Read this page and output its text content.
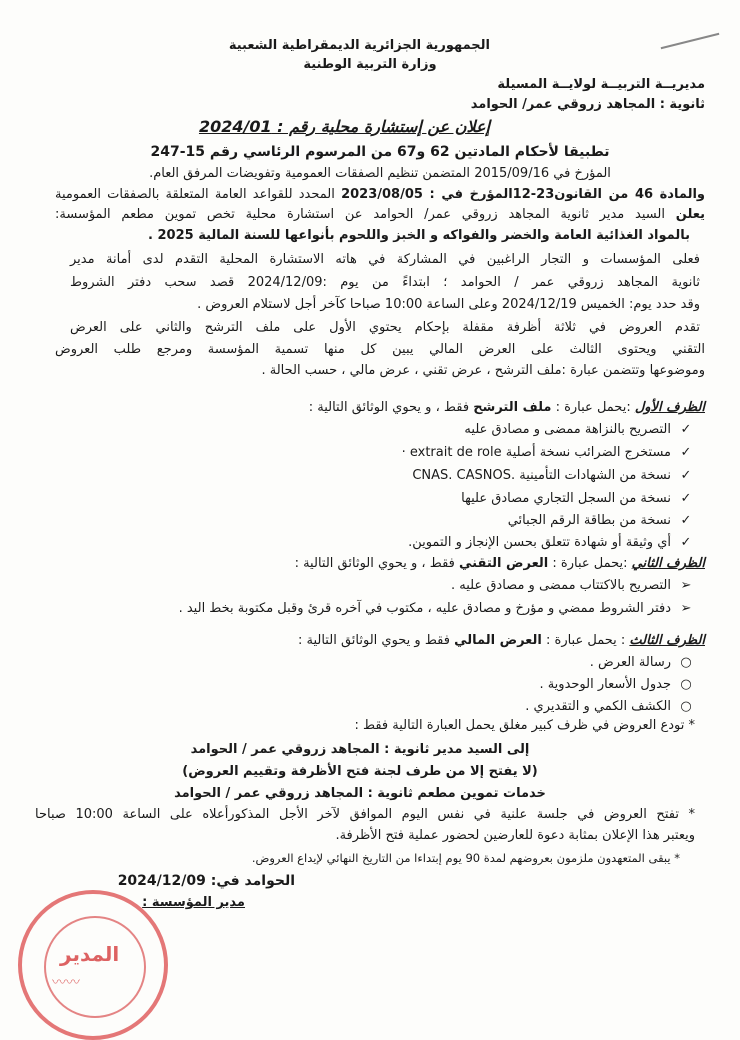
الجمهورية الجزائرية الديمقراطية الشعبية
وزارة التربية الوطنية
مديريــة التربيــة لولايــة المسيلة
ثانوية : المجاهد زروقي عمر/ الحوامد
إعلان عن إستشارة محلية رقم : 2024/01
تطبيقا لأحكام المادتين 62 و67 من المرسوم الرئاسي رقم 15-247
المؤرخ في 2015/09/16 المتضمن تنظيم الصفقات العمومية وتفويضات المرفق العام.
والمادة 46 من القانون23-12المؤرخ في : 2023/08/05 المحدد للقواعد العامة المتعلقة بالصفقات العمومية
يعلن السيد مدير ثانوية المجاهد زروقي عمر/ الحوامد عن استشارة محلية تخص تموين مطعم المؤسسة:
بالمواد الغذائية العامة والخضر والفواكه و الخبز واللحوم بأنواعها للسنة المالية 2025 .
فعلى المؤسسات و التجار الراغبين في المشاركة في هاته الاستشارة المحلية التقدم لدى أمانة مدير
ثانوية المجاهد زروقي عمر / الحوامد ؛ ابتداءً من يوم :2024/12/09 قصد سحب دفتر الشروط
وقد حدد يوم: الخميس 2024/12/19 وعلى الساعة 10:00 صباحا كآخر أجل لاستلام العروض .
تقدم العروض في ثلاثة أظرفة مقفلة بإحكام يحتوي الأول على ملف الترشح والثاني على العرض
التقني ويحتوى الثالث على العرض المالي يبين كل منها تسمية المؤسسة ومرجع طلب العروض
وموضوعها وتتضمن عبارة :ملف الترشح ، عرض تقني ، عرض مالي ، حسب الحالة .
الظرف الأول :يحمل عبارة : ملف الترشح فقط ، و يحوي الوثائق التالية :
✓التصريح بالنزاهة ممضى و مصادق عليه
✓مستخرج الضرائب نسخة أصلية extrait de role ·
✓نسخة من الشهادات التأمينية .CNAS. CASNOS
✓نسخة من السجل التجاري مصادق عليها
✓نسخة من بطاقة الرقم الجبائي
✓أي وثيقة أو شهادة تتعلق بحسن الإنجاز و التموين.
الظرف الثاني :يحمل عبارة : العرض التقني فقط ، و يحوي الوثائق التالية :
➢التصريح بالاكتتاب ممضى و مصادق عليه .
➢دفتر الشروط ممضي و مؤرخ و مصادق عليه ، مكتوب في آخره قرئ وقبل مكتوبة بخط اليد .
الظرف الثالث : يحمل عبارة : العرض المالي فقط و يحوي الوثائق التالية :
○رسالة العرض .
○جدول الأسعار الوحدوية .
○الكشف الكمي و التقديري .
* تودع العروض في ظرف كبير مغلق يحمل العبارة التالية فقط :
إلى السيد مدير ثانوية : المجاهد زروقي عمر / الحوامد
(لا يفتح إلا من طرف لجنة فتح الأظرفة وتقييم العروض)
خدمات تموين مطعم ثانوية : المجاهد زروقي عمر / الحوامد
* تفتح العروض في جلسة علنية في نفس اليوم الموافق لآخر الأجل المذكورأعلاه على الساعة 10:00 صباحا
ويعتبر هذا الإعلان بمثابة دعوة للعارضين لحضور عملية فتح الأظرفة.
* يبقى المتعهدون ملزمون بعروضهم لمدة 90 يوم إبتداءا من التاريخ النهائي لإيداع العروض.
الحوامد في: 2024/12/09
مدير المؤسسة :
المدير
〰〰
